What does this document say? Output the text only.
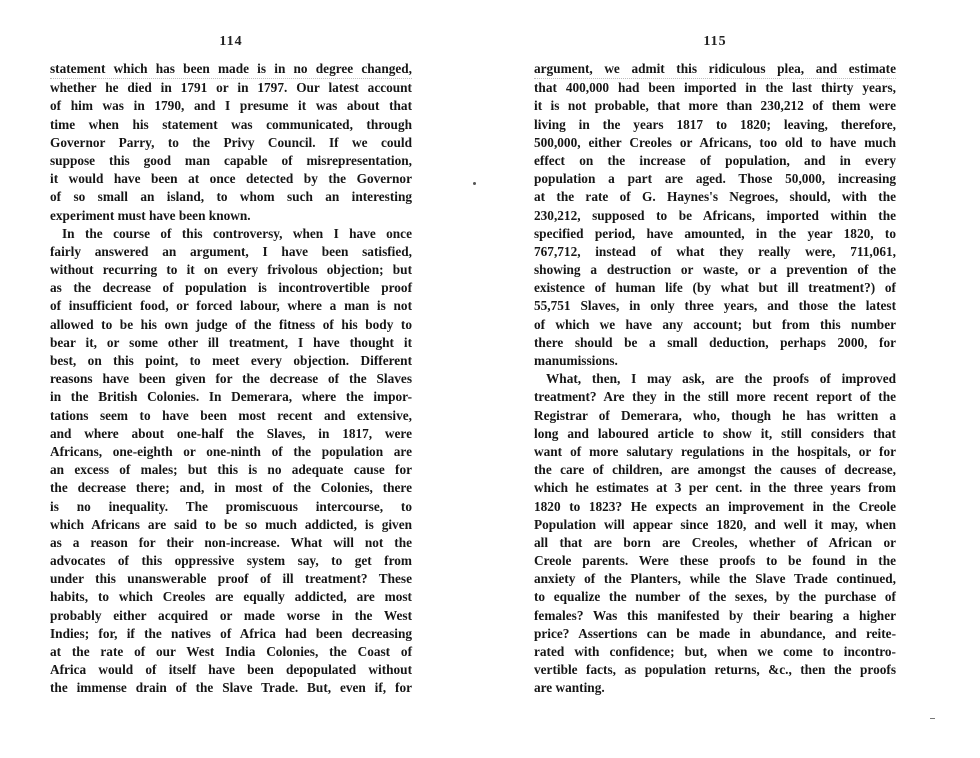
114
statement which has been made is in no degree changed,
whether he died in 1791 or in 1797. Our latest account
of him was in 1790, and I presume it was about that
time when his statement was communicated, through
Governor Parry, to the Privy Council. If we could
suppose this good man capable of misrepresentation,
it would have been at once detected by the Governor
of so small an island, to whom such an interesting
experiment must have been known.
In the course of this controversy, when I have once
fairly answered an argument, I have been satisfied,
without recurring to it on every frivolous objection; but
as the decrease of population is incontrovertible proof
of insufficient food, or forced labour, where a man is not
allowed to be his own judge of the fitness of his body to
bear it, or some other ill treatment, I have thought it
best, on this point, to meet every objection. Different
reasons have been given for the decrease of the Slaves
in the British Colonies. In Demerara, where the impor-
tations seem to have been most recent and extensive,
and where about one-half the Slaves, in 1817, were
Africans, one-eighth or one-ninth of the population are
an excess of males; but this is no adequate cause for
the decrease there; and, in most of the Colonies, there
is no inequality. The promiscuous intercourse, to
which Africans are said to be so much addicted, is given
as a reason for their non-increase. What will not the
advocates of this oppressive system say, to get from
under this unanswerable proof of ill treatment? These
habits, to which Creoles are equally addicted, are most
probably either acquired or made worse in the West
Indies; for, if the natives of Africa had been decreasing
at the rate of our West India Colonies, the Coast of
Africa would of itself have been depopulated without
the immense drain of the Slave Trade. But, even if, for
115
argument, we admit this ridiculous plea, and estimate
that 400,000 had been imported in the last thirty years,
it is not probable, that more than 230,212 of them were
living in the years 1817 to 1820; leaving, therefore,
500,000, either Creoles or Africans, too old to have much
effect on the increase of population, and in every
population a part are aged. Those 50,000, increasing
at the rate of G. Haynes's Negroes, should, with the
230,212, supposed to be Africans, imported within the
specified period, have amounted, in the year 1820, to
767,712, instead of what they really were, 711,061,
showing a destruction or waste, or a prevention of the
existence of human life (by what but ill treatment?) of
55,751 Slaves, in only three years, and those the latest
of which we have any account; but from this number
there should be a small deduction, perhaps 2000, for
manumissions.
What, then, I may ask, are the proofs of improved
treatment? Are they in the still more recent report of the
Registrar of Demerara, who, though he has written a
long and laboured article to show it, still considers that
want of more salutary regulations in the hospitals, or for
the care of children, are amongst the causes of decrease,
which he estimates at 3 per cent. in the three years from
1820 to 1823? He expects an improvement in the Creole
Population will appear since 1820, and well it may, when
all that are born are Creoles, whether of African or
Creole parents. Were these proofs to be found in the
anxiety of the Planters, while the Slave Trade continued,
to equalize the number of the sexes, by the purchase of
females? Was this manifested by their bearing a higher
price? Assertions can be made in abundance, and reite-
rated with confidence; but, when we come to incontro-
vertible facts, as population returns, &c., then the proofs
are wanting.
